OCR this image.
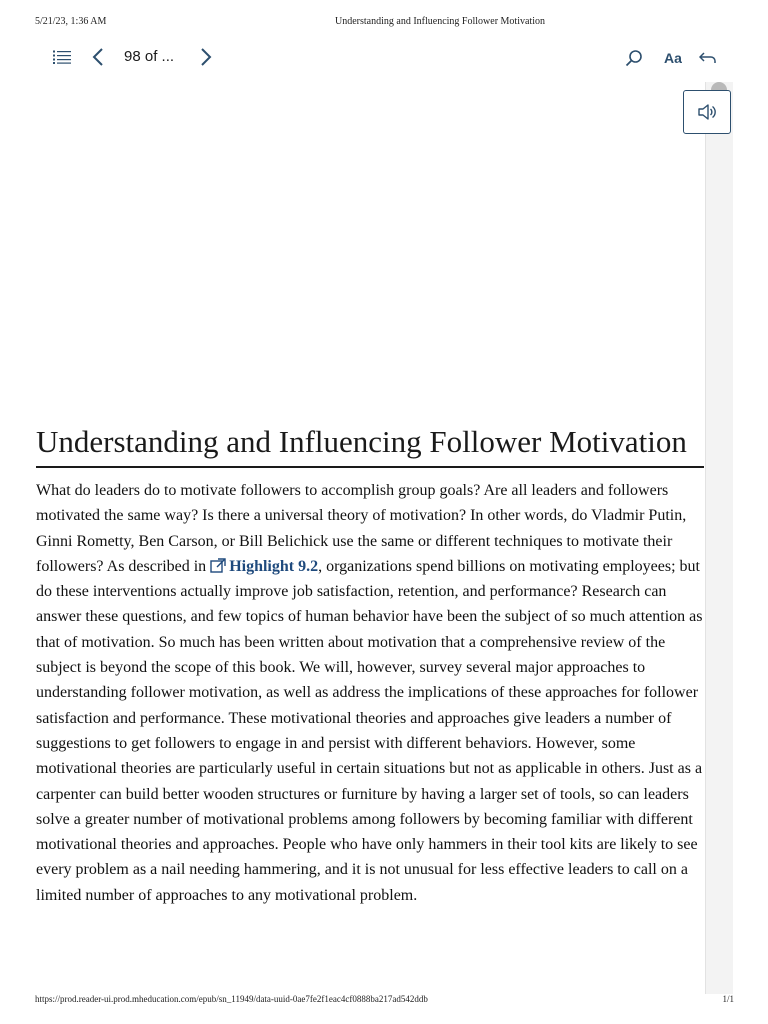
5/21/23, 1:36 AM	Understanding and Influencing Follower Motivation
98 of ...	Aa
Understanding and Influencing Follower Motivation

What do leaders do to motivate followers to accomplish group goals? Are all leaders and followers motivated the same way? Is there a universal theory of motivation? In other words, do Vladmir Putin, Ginni Rometty, Ben Carson, or Bill Belichick use the same or different techniques to motivate their followers? As described in Highlight 9.2, organizations spend billions on motivating employees; but do these interventions actually improve job satisfaction, retention, and performance? Research can answer these questions, and few topics of human behavior have been the subject of so much attention as that of motivation. So much has been written about motivation that a comprehensive review of the subject is beyond the scope of this book. We will, however, survey several major approaches to understanding follower motivation, as well as address the implications of these approaches for follower satisfaction and performance. These motivational theories and approaches give leaders a number of suggestions to get followers to engage in and persist with different behaviors. However, some motivational theories are particularly useful in certain situations but not as applicable in others. Just as a carpenter can build better wooden structures or furniture by having a larger set of tools, so can leaders solve a greater number of motivational problems among followers by becoming familiar with different motivational theories and approaches. People who have only hammers in their tool kits are likely to see every problem as a nail needing hammering, and it is not unusual for less effective leaders to call on a limited number of approaches to any motivational problem.

https://prod.reader-ui.prod.mheducation.com/epub/sn_11949/data-uuid-0ae7fe2f1eac4cf0888ba217ad542ddb	1/1
